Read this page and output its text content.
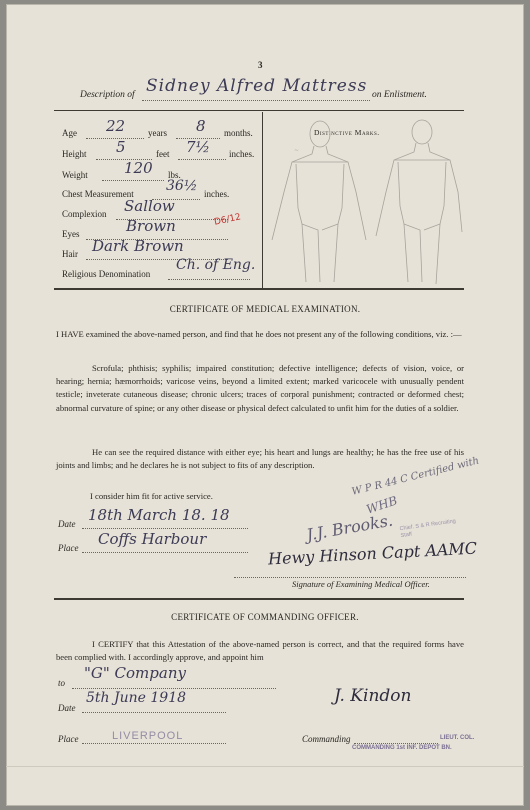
3
Description of Sidney Alfred Mattress on Enlistment.
Age 22	years 8 months.
Height 5	feet 7½ inches.
Weight 120 lbs.
Chest Measurement 36½ inches.
Complexion Sallow
Eyes	Brown	D6/12
Hair Dark Brown
Religious Denomination
Ch. of Eng.
Distinctive Marks.
~
CERTIFICATE OF MEDICAL EXAMINATION.
I HAVE examined the above-named person, and find that he does not present any of the following conditions, viz. :—
Scrofula; phthisis; syphilis; impaired constitution; defective intelligence; defects of vision, voice, or hearing; hernia; hæmorrhoids; varicose veins, beyond a limited extent; marked varicocele with unusually pendent testicle; inveterate cutaneous disease; chronic ulcers; traces of corporal punishment; contracted or deformed chest; abnormal curvature of spine; or any other disease or physical defect calculated to unfit him for the duties of a soldier.
He can see the required distance with either eye; his heart and lungs are healthy; he has the free use of his joints and limbs; and he declares he is not subject to fits of any description.	W P R 44 C Certified with
I consider him fit for active service.
Date 18th March 18. 18
Place Coffs Harbour
WHB
Chief. S & R Recruiting Staff
J.J. Brooks.
Hewy Hinson Capt AAMC
Signature of Examining Medical Officer.
CERTIFICATE OF COMMANDING OFFICER.
I CERTIFY that this Attestation of the above-named person is correct, and that the required forms have been complied with. I accordingly approve, and appoint him
to
"G" Company
Date
5th June 1918	J. Kindon
Place	LIVERPOOL	Commanding	LIEUT. COL.
COMMANDING 1st INF. DEPOT BN.
